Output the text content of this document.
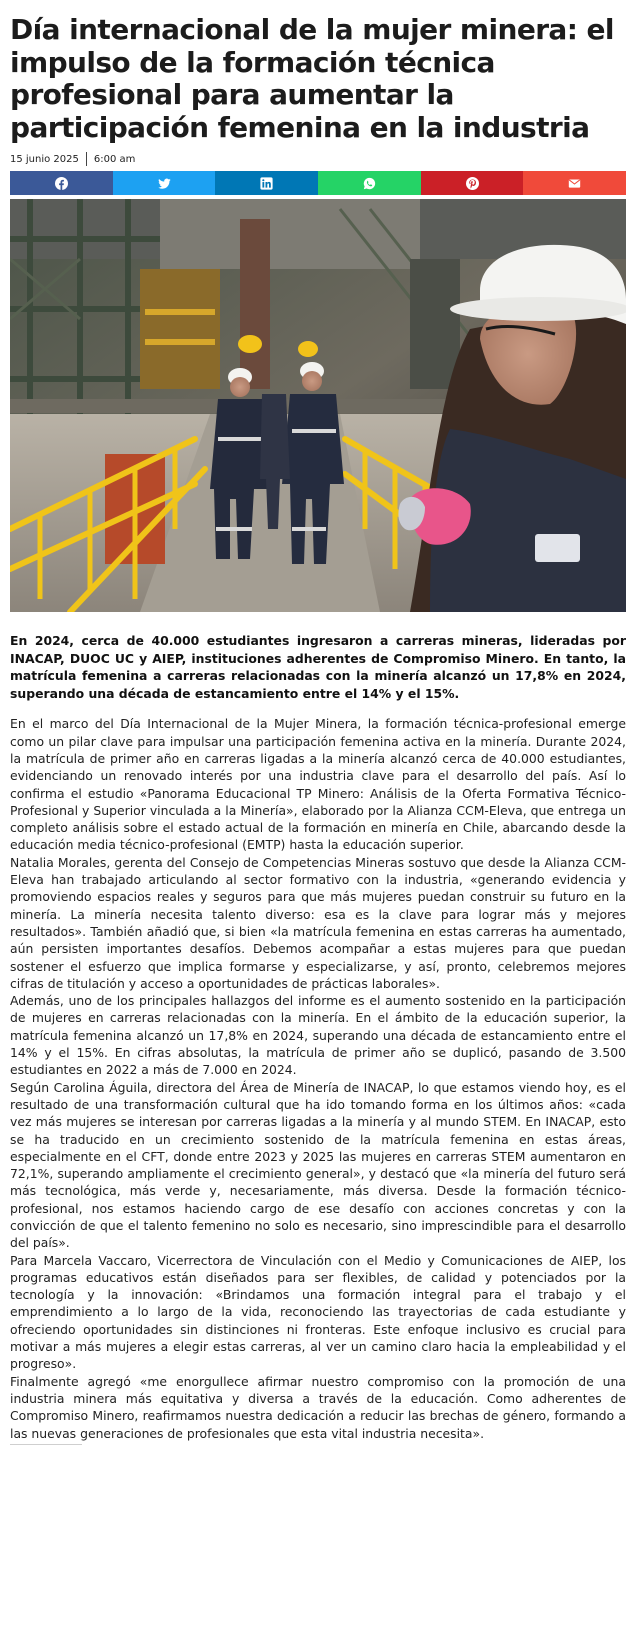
Día internacional de la mujer minera: el impulso de la formación técnica profesional para aumentar la participación femenina en la industria
15 junio 2025 6:00 am
En 2024, cerca de 40.000 estudiantes ingresaron a carreras mineras, lideradas por INACAP, DUOC UC y AIEP, instituciones adherentes de Compromiso Minero. En tanto, la matrícula femenina a carreras relacionadas con la minería alcanzó un 17,8% en 2024, superando una década de estancamiento entre el 14% y el 15%.

En el marco del Día Internacional de la Mujer Minera, la formación técnica-profesional emerge como un pilar clave para impulsar una participación femenina activa en la minería. Durante 2024, la matrícula de primer año en carreras ligadas a la minería alcanzó cerca de 40.000 estudiantes, evidenciando un renovado interés por una industria clave para el desarrollo del país. Así lo confirma el estudio «Panorama Educacional TP Minero: Análisis de la Oferta Formativa Técnico-Profesional y Superior vinculada a la Minería», elaborado por la Alianza CCM-Eleva, que entrega un completo análisis sobre el estado actual de la formación en minería en Chile, abarcando desde la educación media técnico-profesional (EMTP) hasta la educación superior.

Natalia Morales, gerenta del Consejo de Competencias Mineras sostuvo que desde la Alianza CCM-Eleva han trabajado articulando al sector formativo con la industria, «generando evidencia y promoviendo espacios reales y seguros para que más mujeres puedan construir su futuro en la minería. La minería necesita talento diverso: esa es la clave para lograr más y mejores resultados». También añadió que, si bien «la matrícula femenina en estas carreras ha aumentado, aún persisten importantes desafíos. Debemos acompañar a estas mujeres para que puedan sostener el esfuerzo que implica formarse y especializarse, y así, pronto, celebremos mejores cifras de titulación y acceso a oportunidades de prácticas laborales».

Además, uno de los principales hallazgos del informe es el aumento sostenido en la participación de mujeres en carreras relacionadas con la minería. En el ámbito de la educación superior, la matrícula femenina alcanzó un 17,8% en 2024, superando una década de estancamiento entre el 14% y el 15%. En cifras absolutas, la matrícula de primer año se duplicó, pasando de 3.500 estudiantes en 2022 a más de 7.000 en 2024.

Según Carolina Águila, directora del Área de Minería de INACAP, lo que estamos viendo hoy, es el resultado de una transformación cultural que ha ido tomando forma en los últimos años: «cada vez más mujeres se interesan por carreras ligadas a la minería y al mundo STEM. En INACAP, esto se ha traducido en un crecimiento sostenido de la matrícula femenina en estas áreas, especialmente en el CFT, donde entre 2023 y 2025 las mujeres en carreras STEM aumentaron en 72,1%, superando ampliamente el crecimiento general», y destacó que «la minería del futuro será más tecnológica, más verde y, necesariamente, más diversa. Desde la formación técnico-profesional, nos estamos haciendo cargo de ese desafío con acciones concretas y con la convicción de que el talento femenino no solo es necesario, sino imprescindible para el desarrollo del país».

Para Marcela Vaccaro, Vicerrectora de Vinculación con el Medio y Comunicaciones de AIEP, los programas educativos están diseñados para ser flexibles, de calidad y potenciados por la tecnología y la innovación: «Brindamos una formación integral para el trabajo y el emprendimiento a lo largo de la vida, reconociendo las trayectorias de cada estudiante y ofreciendo oportunidades sin distinciones ni fronteras. Este enfoque inclusivo es crucial para motivar a más mujeres a elegir estas carreras, al ver un camino claro hacia la empleabilidad y el progreso».

Finalmente agregó «me enorgullece afirmar nuestro compromiso con la promoción de una industria minera más equitativa y diversa a través de la educación. Como adherentes de Compromiso Minero, reafirmamos nuestra dedicación a reducir las brechas de género, formando a las nuevas generaciones de profesionales que esta vital industria necesita».
